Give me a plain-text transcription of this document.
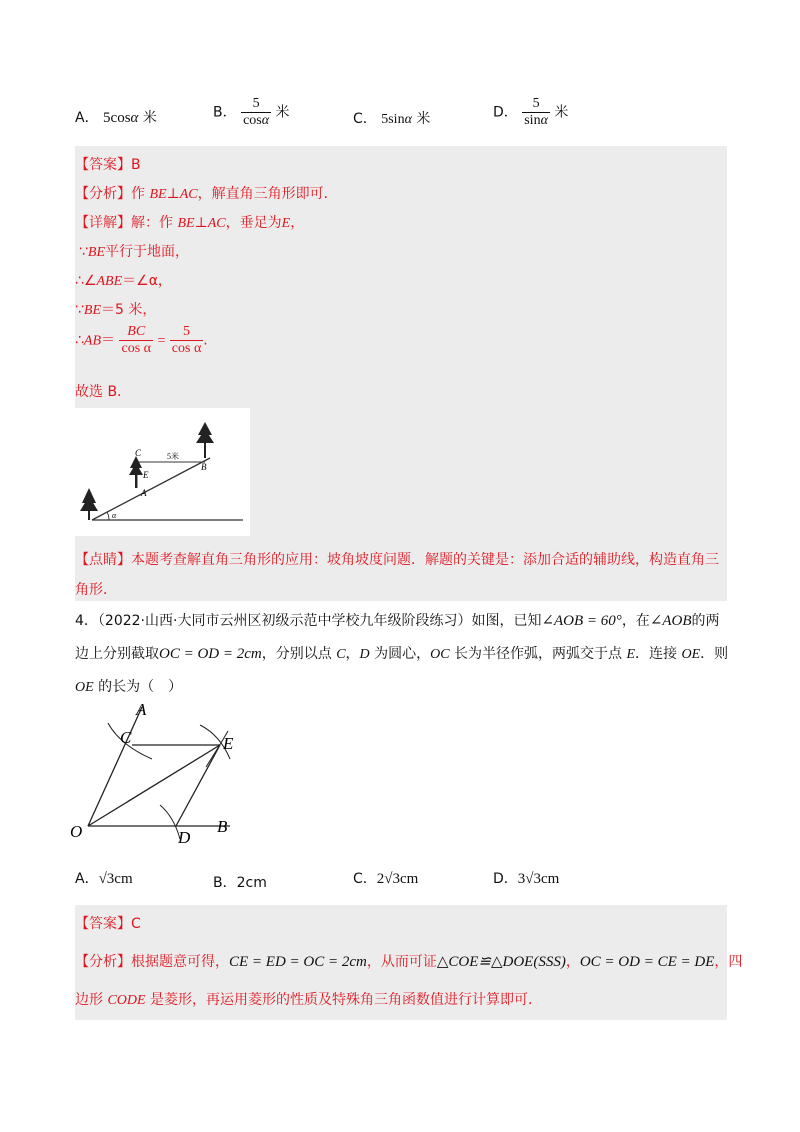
A． 5cosα 米	B． $\frac{5}{\cos\alpha}$ 米	C． 5sinα 米	D． $\frac{5}{\sin\alpha}$ 米
【答案】B
【分析】作 BE⊥AC，解直角三角形即可．
【详解】解：作 BE⊥AC，垂足为E，
∵BE平行于地面，
∴∠ABE＝∠α，
∵BE＝5 米，
∴AB＝ $\frac{BC}{\text{cos α}} = \frac{5}{\text{cos α}}$ .
故选 B．
C
E
A
B
α
5米
【点睛】本题考查解直角三角形的应用：坡角坡度问题．解题的关键是：添加合适的辅助线，构造直角三
角形．
4．（2022·山西·大同市云州区初级示范中学校九年级阶段练习）如图，已知∠AOB = 60°，在∠AOB的两
边上分别截取OC = OD = 2cm，分别以点 C，D 为圆心，OC 长为半径作弧，两弧交于点 E．连接 OE．则
OE 的长为（　）
A
C	E
O	D
B
A．√3cm	B．2cm	C．2√3cm	D．3√3cm
【答案】C
【分析】根据题意可得，CE = ED = OC = 2cm，从而可证△COE≌△DOE(SSS)，OC = OD = CE = DE，四
边形 CODE 是菱形，再运用菱形的性质及特殊角三角函数值进行计算即可．
